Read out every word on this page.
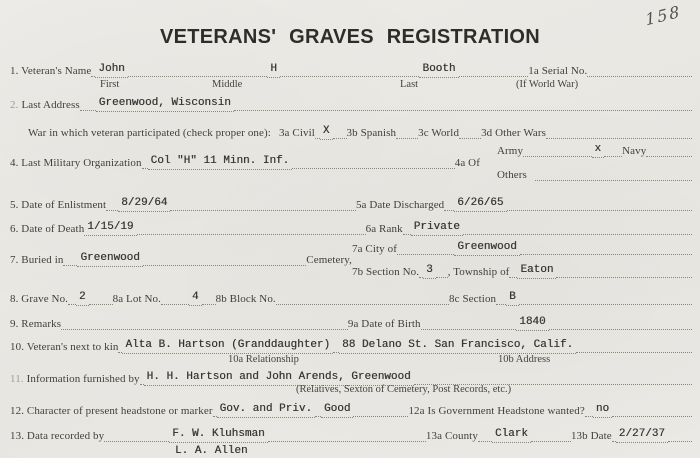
158
VETERANS' GRAVES REGISTRATION
1. Veteran's Name John	H	Booth	1a Serial No.
First	Middle	Last	(If World War)
2. Last Address Greenwood, Wisconsin
War in which veteran participated (check proper one): 3a Civil X 3b Spanish 3c World 3d Other Wars
4. Last Military Organization Col "H" 11 Minn. Inf.	4a Of
Army	x Navy
Others
5. Date of Enlistment 8/29/64	5a Date Discharged 6/26/65
6. Date of Death 1/15/19	6a Rank Private
7. Buried in Greenwood	Cemetery,
7a City of	Greenwood
7b Section No. 3 , Township of Eaton
8. Grave No. 2 8a Lot No.	4 8b Block No.	8c Section B
9. Remarks	9a Date of Birth	1840
10. Veteran's next to kin Alta B. Hartson (Granddaughter) 88 Delano St. San Francisco, Calif.
10a Relationship	10b Address
11. Information furnished by H. H. Hartson and John Arends, Greenwood
(Relatives, Sexton of Cemetery, Post Records, etc.)
12. Character of present headstone or marker Gov. and Priv. Good	12a Is Government Headstone wanted? no
13. Data recorded by	F. W. Kluhsman	13a County Clark	13b Date 2/27/37
L. A. Allen
